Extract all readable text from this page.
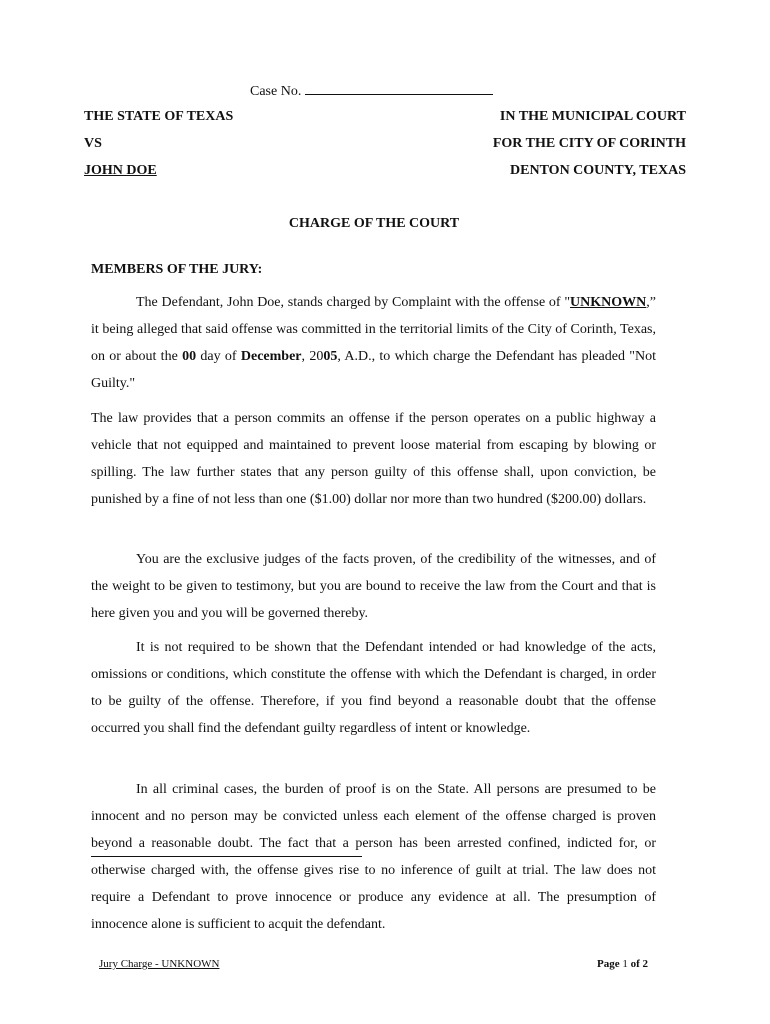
Case No.
THE STATE OF TEXAS
VS
JOHN DOE
IN THE MUNICIPAL COURT
FOR THE CITY OF CORINTH
DENTON COUNTY, TEXAS
CHARGE OF THE COURT
MEMBERS OF THE JURY:
The Defendant, John Doe, stands charged by Complaint with the offense of "UNKNOWN,” it being alleged that said offense was committed in the territorial limits of the City of Corinth, Texas, on or about the 00 day of December, 2005, A.D., to which charge the Defendant has pleaded "Not Guilty."
The law provides that a person commits an offense if the person operates on a public highway a vehicle that not equipped and maintained to prevent loose material from escaping by blowing or spilling. The law further states that any person guilty of this offense shall, upon conviction, be punished by a fine of not less than one ($1.00) dollar nor more than two hundred ($200.00) dollars.
You are the exclusive judges of the facts proven, of the credibility of the witnesses, and of the weight to be given to testimony, but you are bound to receive the law from the Court and that is here given you and you will be governed thereby.
It is not required to be shown that the Defendant intended or had knowledge of the acts, omissions or conditions, which constitute the offense with which the Defendant is charged, in order to be guilty of the offense. Therefore, if you find beyond a reasonable doubt that the offense occurred you shall find the defendant guilty regardless of intent or knowledge.
In all criminal cases, the burden of proof is on the State. All persons are presumed to be innocent and no person may be convicted unless each element of the offense charged is proven beyond a reasonable doubt. The fact that a person has been arrested confined, indicted for, or otherwise charged with, the offense gives rise to no inference of guilt at trial. The law does not require a Defendant to prove innocence or produce any evidence at all. The presumption of innocence alone is sufficient to acquit the defendant.
Jury Charge - UNKNOWN	Page 1 of 2
